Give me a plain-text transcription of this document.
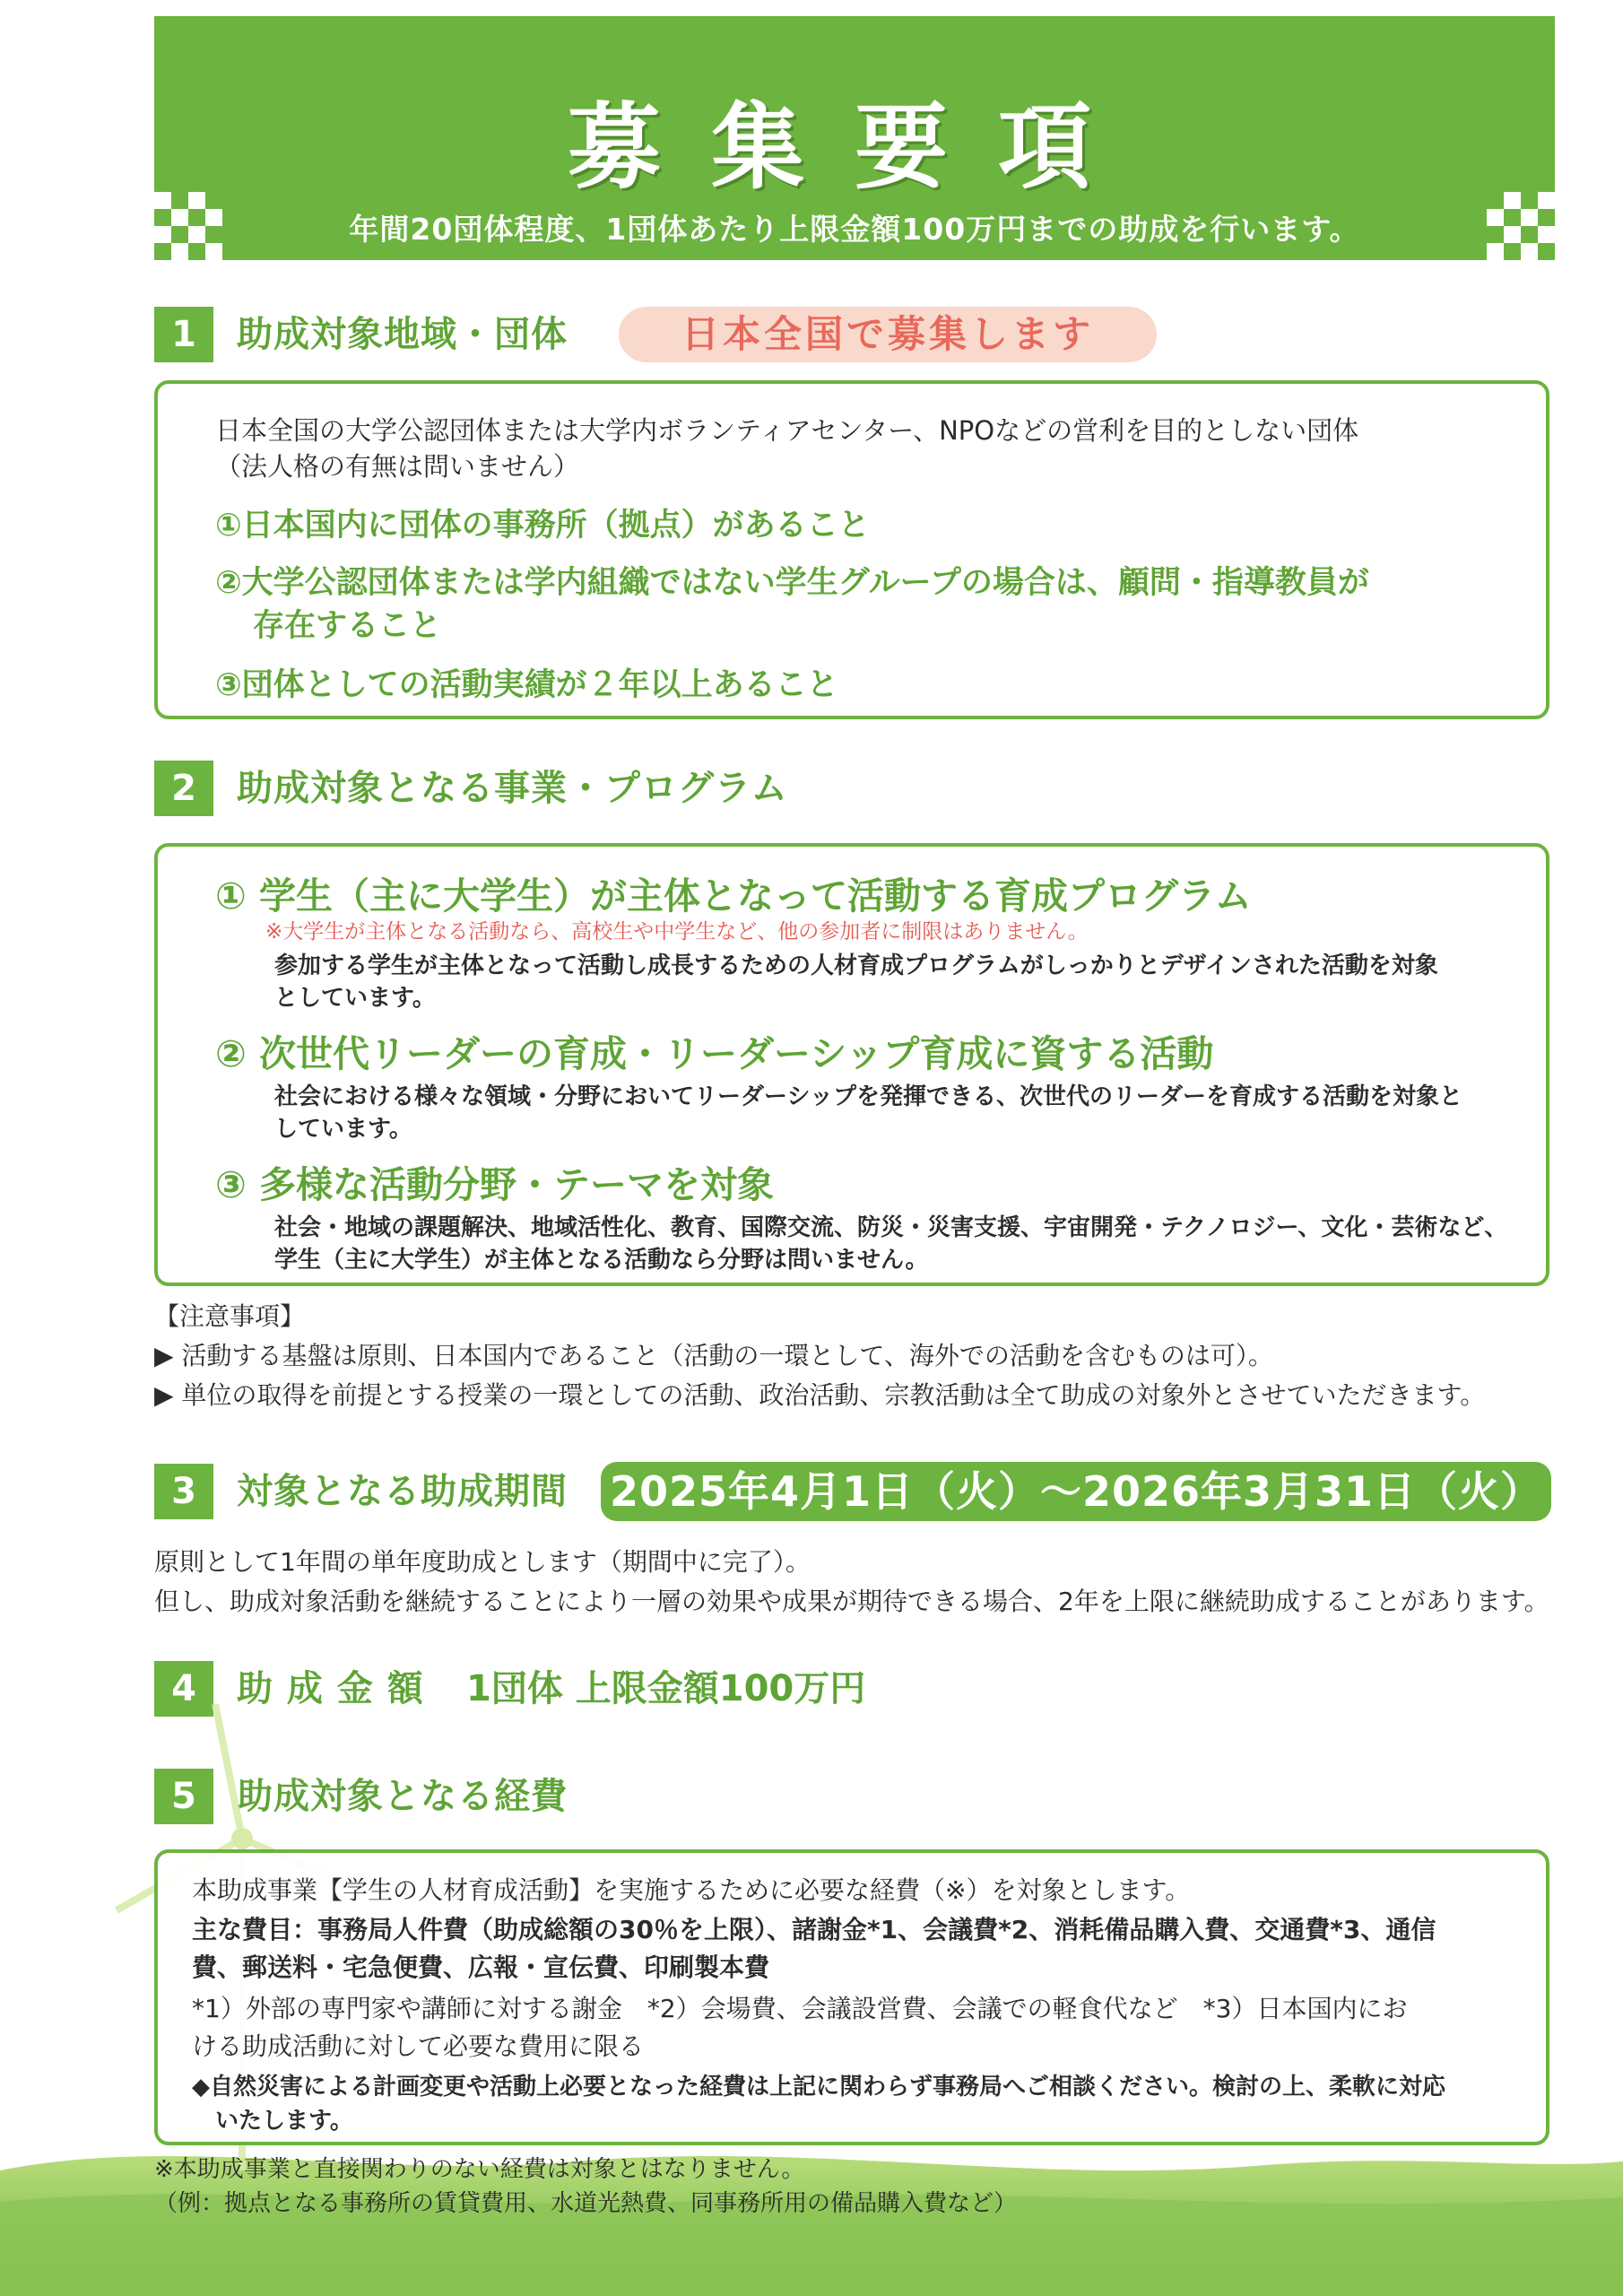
募集要項
年間20団体程度、1団体あたり上限金額100万円までの助成を行います。
1	助成対象地域・団体	日本全国で募集します
日本全国の大学公認団体または大学内ボランティアセンター、NPOなどの営利を目的としない団体
（法人格の有無は問いません）
①日本国内に団体の事務所（拠点）があること
②大学公認団体または学内組織ではない学生グループの場合は、顧問・指導教員が
存在すること
③団体としての活動実績が２年以上あること
2	助成対象となる事業・プログラム
① 学生（主に大学生）が主体となって活動する育成プログラム
※大学生が主体となる活動なら、高校生や中学生など、他の参加者に制限はありません。
参加する学生が主体となって活動し成長するための人材育成プログラムがしっかりとデザインされた活動を対象
としています。
② 次世代リーダーの育成・リーダーシップ育成に資する活動
社会における様々な領域・分野においてリーダーシップを発揮できる、次世代のリーダーを育成する活動を対象と
しています。
③ 多様な活動分野・テーマを対象
社会・地域の課題解決、地域活性化、教育、国際交流、防災・災害支援、宇宙開発・テクノロジー、文化・芸術など、
学生（主に大学生）が主体となる活動なら分野は問いません。
【注意事項】
▶ 活動する基盤は原則、日本国内であること（活動の一環として、海外での活動を含むものは可）。
▶ 単位の取得を前提とする授業の一環としての活動、政治活動、宗教活動は全て助成の対象外とさせていただきます。
3	対象となる助成期間 2025年4月1日（火）〜2026年3月31日（火）
原則として1年間の単年度助成とします（期間中に完了）。
但し、助成対象活動を継続することにより一層の効果や成果が期待できる場合、2年を上限に継続助成することがあります。
4	助 成 金 額 1団体 上限金額100万円
5	助成対象となる経費
本助成事業【学生の人材育成活動】を実施するために必要な経費（※）を対象とします。
主な費目：事務局人件費（助成総額の30％を上限）、諸謝金*1、会議費*2、消耗備品購入費、交通費*3、通信
費、郵送料・宅急便費、広報・宣伝費、印刷製本費
*1）外部の専門家や講師に対する謝金　*2）会場費、会議設営費、会議での軽食代など　*3）日本国内にお
ける助成活動に対して必要な費用に限る
◆自然災害による計画変更や活動上必要となった経費は上記に関わらず事務局へご相談ください。検討の上、柔軟に対応
いたします。
※本助成事業と直接関わりのない経費は対象とはなりません。
（例：拠点となる事務所の賃貸費用、水道光熱費、同事務所用の備品購入費など）
